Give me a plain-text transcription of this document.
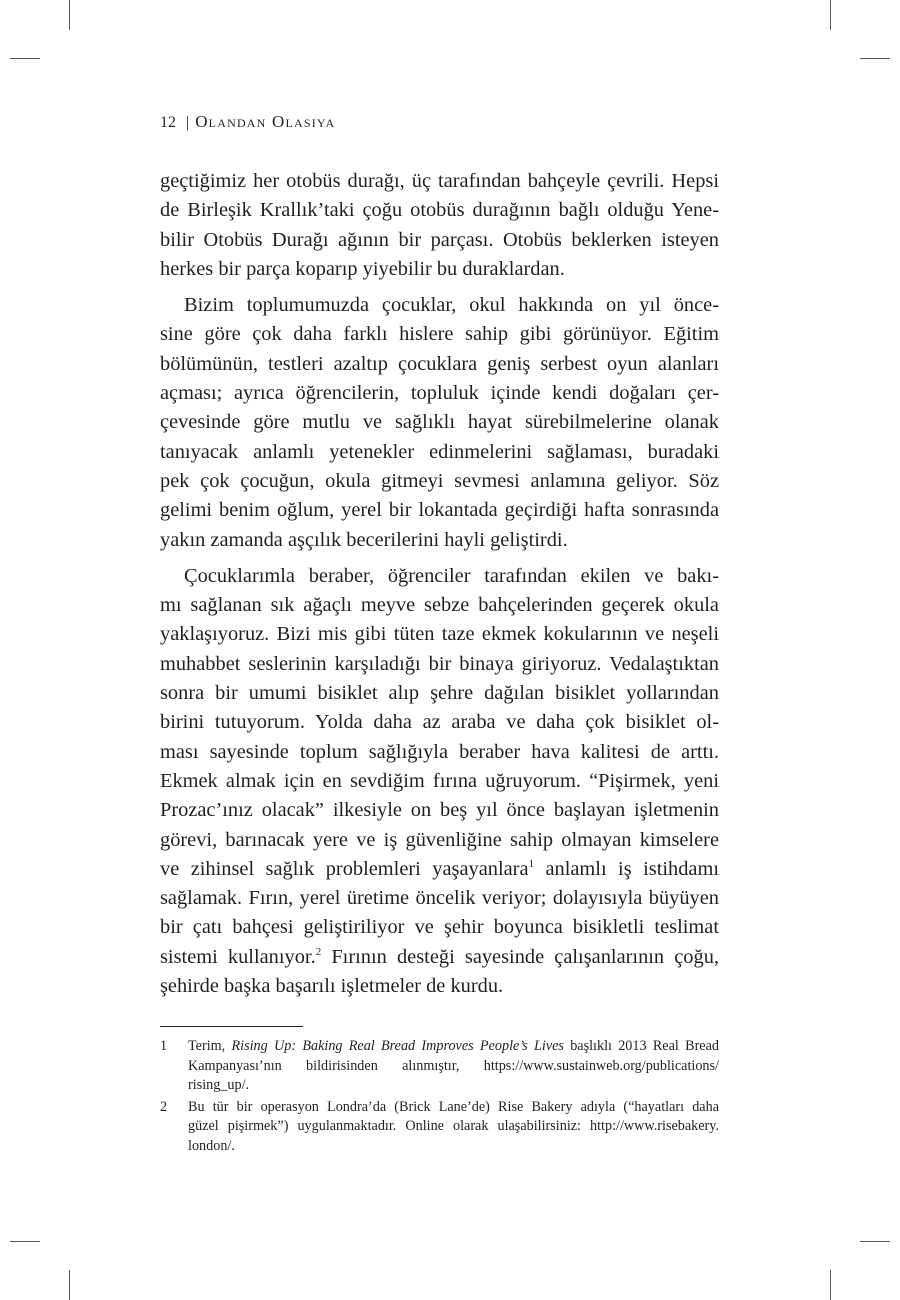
12 | Olandan Olasıya
geçtiğimiz her otobüs durağı, üç tarafından bahçeyle çevrili. Hepsi
de Birleşik Krallık’taki çoğu otobüs durağının bağlı olduğu Yene-
bilir Otobüs Durağı ağının bir parçası. Otobüs beklerken isteyen
herkes bir parça koparıp yiyebilir bu duraklardan.
Bizim toplumumuzda çocuklar, okul hakkında on yıl önce-
sine göre çok daha farklı hislere sahip gibi görünüyor. Eğitim
bölümünün, testleri azaltıp çocuklara geniş serbest oyun alanları
açması; ayrıca öğrencilerin, topluluk içinde kendi doğaları çer-
çevesinde göre mutlu ve sağlıklı hayat sürebilmelerine olanak
tanıyacak anlamlı yetenekler edinmelerini sağlaması, buradaki
pek çok çocuğun, okula gitmeyi sevmesi anlamına geliyor. Söz
gelimi benim oğlum, yerel bir lokantada geçirdiği hafta sonrasında
yakın zamanda aşçılık becerilerini hayli geliştirdi.
Çocuklarımla beraber, öğrenciler tarafından ekilen ve bakı-
mı sağlanan sık ağaçlı meyve sebze bahçelerinden geçerek okula
yaklaşıyoruz. Bizi mis gibi tüten taze ekmek kokularının ve neşeli
muhabbet seslerinin karşıladığı bir binaya giriyoruz. Vedalaştıktan
sonra bir umumi bisiklet alıp şehre dağılan bisiklet yollarından
birini tutuyorum. Yolda daha az araba ve daha çok bisiklet ol-
ması sayesinde toplum sağlığıyla beraber hava kalitesi de arttı.
Ekmek almak için en sevdiğim fırına uğruyorum. “Pişirmek, yeni
Prozac’ınız olacak” ilkesiyle on beş yıl önce başlayan işletmenin
görevi, barınacak yere ve iş güvenliğine sahip olmayan kimselere
ve zihinsel sağlık problemleri yaşayanlara$^1$ anlamlı iş istihdamı
sağlamak. Fırın, yerel üretime öncelik veriyor; dolayısıyla büyüyen
bir çatı bahçesi geliştiriliyor ve şehir boyunca bisikletli teslimat
sistemi kullanıyor.$^2$ Fırının desteği sayesinde çalışanlarının çoğu,
şehirde başka başarılı işletmeler de kurdu.
1 Terim, Rising Up: Baking Real Bread Improves People’s Lives başlıklı 2013 Real Bread
Kampanyası’nın bildirisinden alınmıştır, https://www.sustainweb.org/publications/
rising_up/.
2 Bu tür bir operasyon Londra’da (Brick Lane’de) Rise Bakery adıyla (“hayatları daha
güzel pişirmek”) uygulanmaktadır. Online olarak ulaşabilirsiniz: http://www.risebakery.
london/.
